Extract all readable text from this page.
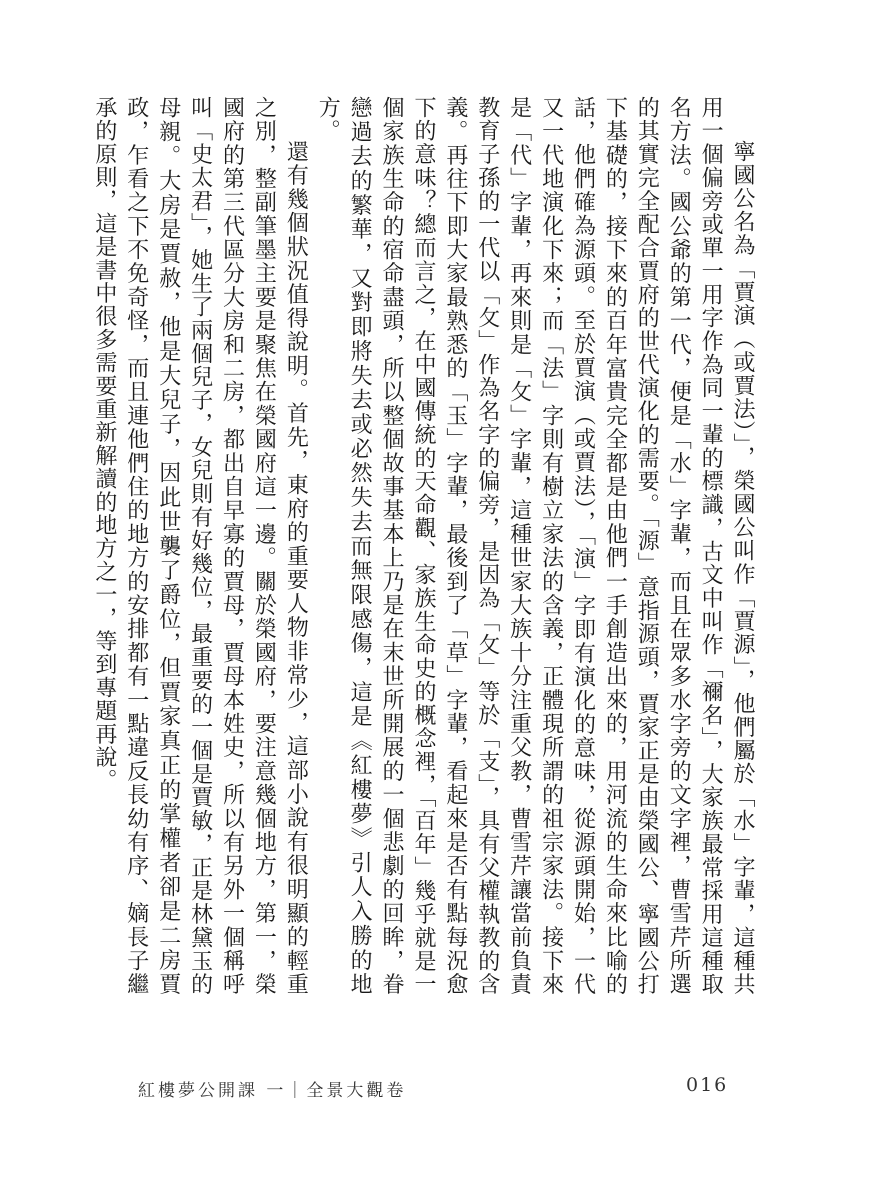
寧國公名為「賈演（或賈法）」，榮國公叫作「賈源」，他們屬於「水」字輩，這種共用一個偏旁或單一用字作為同一輩的標識，古文中叫作「禰名」，大家族最常採用這種取名方法。國公爺的第一代，便是「水」字輩，而且在眾多水字旁的文字裡，曹雪芹所選的其實完全配合賈府的世代演化的需要。「源」意指源頭，賈家正是由榮國公、寧國公打下基礎的，接下來的百年富貴完全都是由他們一手創造出來的，用河流的生命來比喻的話，他們確為源頭。至於賈演（或賈法），「演」字即有演化的意味，從源頭開始，一代又一代地演化下來；而「法」字則有樹立家法的含義，正體現所謂的祖宗家法。接下來是「代」字輩，再來則是「攵」字輩，這種世家大族十分注重父教，曹雪芹讓當前負責教育子孫的一代以「攵」作為名字的偏旁，是因為「攵」等於「支」，具有父權執教的含義。再往下即大家最熟悉的「玉」字輩，最後到了「草」字輩，看起來是否有點每況愈下的意味？總而言之，在中國傳統的天命觀、家族生命史的概念裡，「百年」幾乎就是一個家族生命的宿命盡頭，所以整個故事基本上乃是在末世所開展的一個悲劇的回眸，眷戀過去的繁華，又對即將失去或必然失去而無限感傷，這是《紅樓夢》引人入勝的地方。

還有幾個狀況值得說明。首先，東府的重要人物非常少，這部小說有很明顯的輕重之別，整副筆墨主要是聚焦在榮國府這一邊。關於榮國府，要注意幾個地方，第一，榮國府的第三代區分大房和二房，都出自早寡的賈母，賈母本姓史，所以有另外一個稱呼叫「史太君」，她生了兩個兒子，女兒則有好幾位，最重要的一個是賈敏，正是林黛玉的母親。大房是賈赦，他是大兒子，因此世襲了爵位，但賈家真正的掌權者卻是二房賈政，乍看之下不免奇怪，而且連他們住的地方的安排都有一點違反長幼有序、嫡長子繼承的原則，這是書中很多需要重新解讀的地方之一，等到專題再說。

紅樓夢公開課 一｜全景大觀卷	016
